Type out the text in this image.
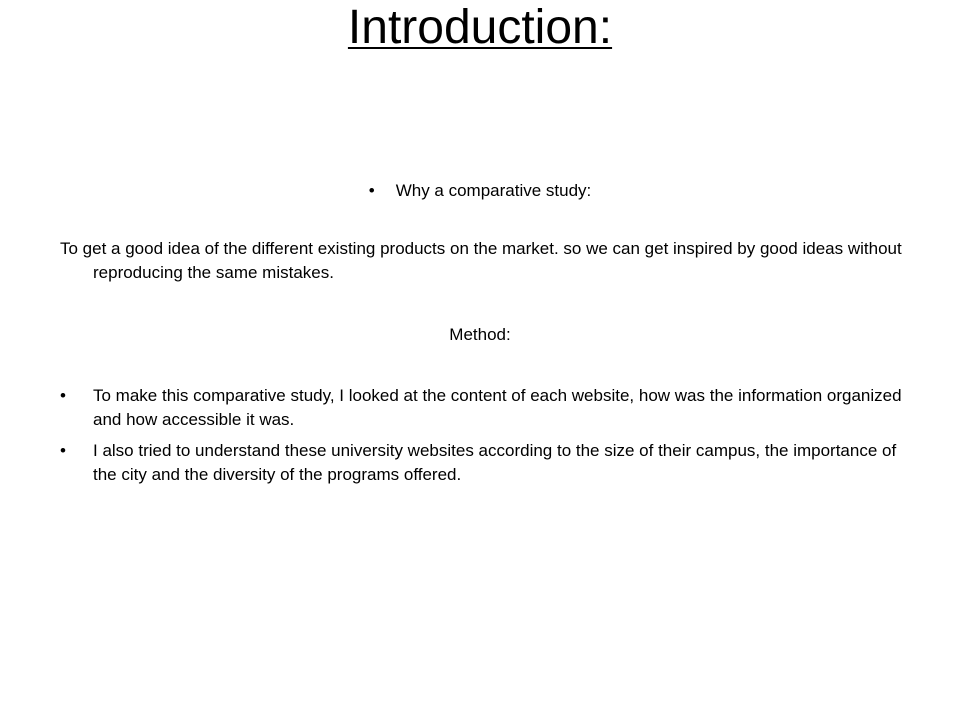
Introduction:
• Why a comparative study:
To get a good idea of the different existing products on the market. so we can get inspired by good ideas without reproducing the same mistakes.
Method:
• To make this comparative study, I looked at the content of each website, how was the information organized and how accessible it was.
• I also tried to understand these university websites according to the size of their campus, the importance of the city and the diversity of the programs offered.
